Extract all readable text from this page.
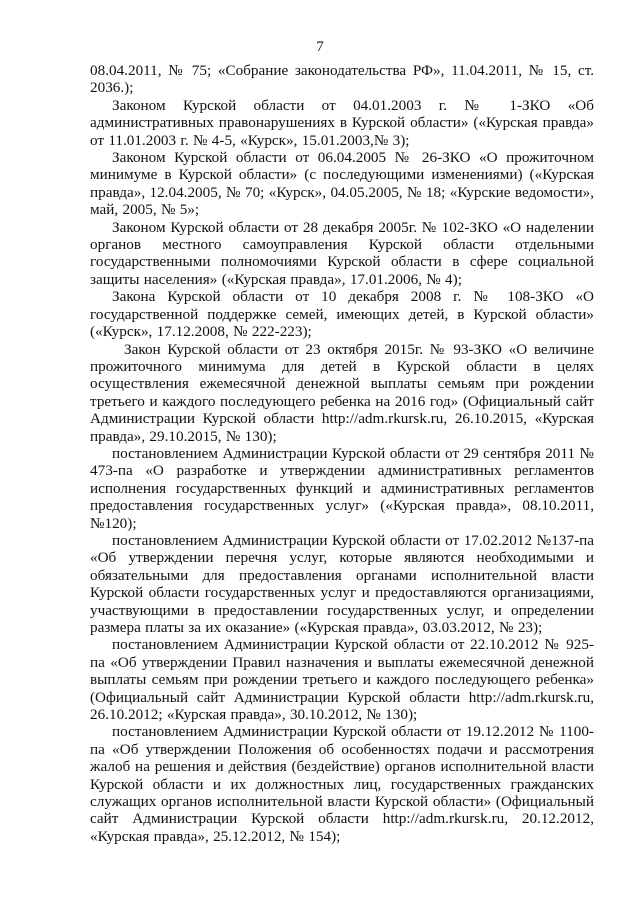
7

08.04.2011, № 75; «Собрание законодательства РФ», 11.04.2011, № 15, ст. 2036.);

Законом Курской области от 04.01.2003 г. № 1-ЗКО «Об административных правонарушениях в Курской области» («Курская правда» от 11.01.2003 г. № 4-5, «Курск», 15.01.2003,№ 3);

Законом Курской области от 06.04.2005 № 26-ЗКО «О прожиточном минимуме в Курской области» (с последующими изменениями) («Курская правда», 12.04.2005, № 70; «Курск», 04.05.2005, № 18; «Курские ведомости», май, 2005, № 5»;

Законом Курской области от 28 декабря 2005г. № 102-ЗКО «О наделении органов местного самоуправления Курской области отдельными государственными полномочиями Курской области в сфере социальной защиты населения» («Курская правда», 17.01.2006, № 4);

Закона Курской области от 10 декабря 2008 г. № 108-ЗКО «О государственной поддержке семей, имеющих детей, в Курской области» («Курск», 17.12.2008, № 222-223);

Закон Курской области от 23 октября 2015г. № 93-ЗКО «О величине прожиточного минимума для детей в Курской области в целях осуществления ежемесячной денежной выплаты семьям при рождении третьего и каждого последующего ребенка на 2016 год» (Официальный сайт Администрации Курской области http://adm.rkursk.ru, 26.10.2015, «Курская правда», 29.10.2015, № 130);

постановлением Администрации Курской области от 29 сентября 2011 № 473-па «О разработке и утверждении административных регламентов исполнения государственных функций и административных регламентов предоставления государственных услуг» («Курская правда», 08.10.2011, №120);

постановлением Администрации Курской области от 17.02.2012 №137-па «Об утверждении перечня услуг, которые являются необходимыми и обязательными для предоставления органами исполнительной власти Курской области государственных услуг и предоставляются организациями, участвующими в предоставлении государственных услуг, и определении размера платы за их оказание» («Курская правда», 03.03.2012, № 23);

постановлением Администрации Курской области от 22.10.2012 № 925-па «Об утверждении Правил назначения и выплаты ежемесячной денежной выплаты семьям при рождении третьего и каждого последующего ребенка» (Официальный сайт Администрации Курской области http://adm.rkursk.ru, 26.10.2012; «Курская правда», 30.10.2012, № 130);

постановлением Администрации Курской области от 19.12.2012 № 1100-па «Об утверждении Положения об особенностях подачи и рассмотрения жалоб на решения и действия (бездействие) органов исполнительной власти Курской области и их должностных лиц, государственных гражданских служащих органов исполнительной власти Курской области» (Официальный сайт Администрации Курской области http://adm.rkursk.ru, 20.12.2012, «Курская правда», 25.12.2012, № 154);
